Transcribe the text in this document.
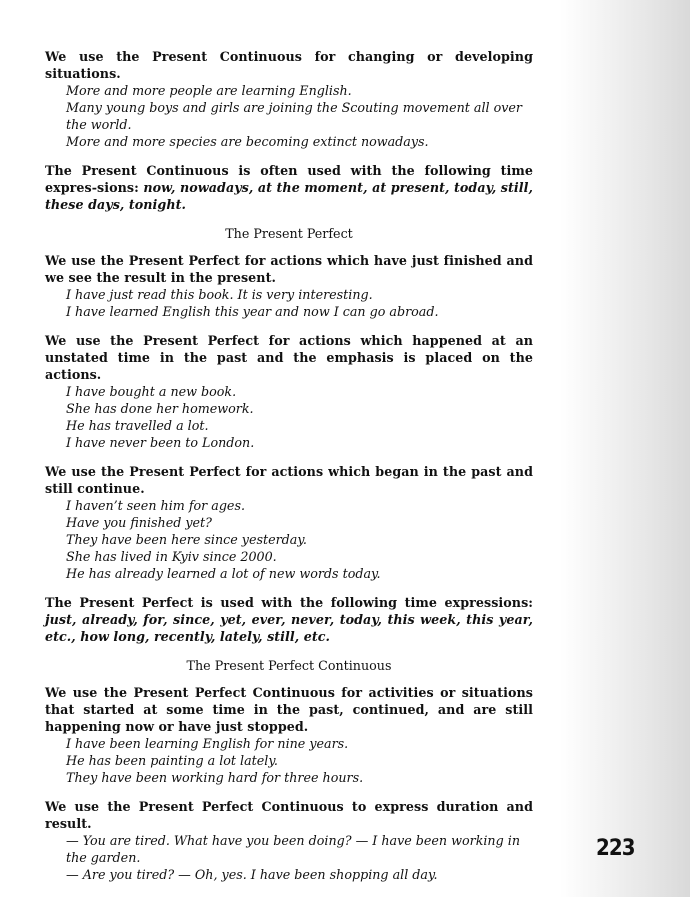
We use the Present Continuous for changing or developing situations.
More and more people are learning English.
Many young boys and girls are joining the Scouting movement all over the world.
More and more species are becoming extinct nowadays.
The Present Continuous is often used with the following time expres-sions: now, nowadays, at the moment, at present, today, still, these days, tonight.
The Present Perfect
We use the Present Perfect for actions which have just finished and we see the result in the present.
I have just read this book. It is very interesting.
I have learned English this year and now I can go abroad.
We use the Present Perfect for actions which happened at an unstated time in the past and the emphasis is placed on the actions.
I have bought a new book.
She has done her homework.
He has travelled a lot.
I have never been to London.
We use the Present Perfect for actions which began in the past and still continue.
I haven’t seen him for ages.
Have you finished yet?
They have been here since yesterday.
She has lived in Kyiv since 2000.
He has already learned a lot of new words today.
The Present Perfect is used with the following time expressions: just, already, for, since, yet, ever, never, today, this week, this year, etc., how long, recently, lately, still, etc.
The Present Perfect Continuous
We use the Present Perfect Continuous for activities or situations that started at some time in the past, continued, and are still happening now or have just stopped.
I have been learning English for nine years.
He has been painting a lot lately.
They have been working hard for three hours.
We use the Present Perfect Continuous to express duration and result.
— You are tired. What have you been doing? — I have been working in the garden.
— Are you tired? — Oh, yes. I have been shopping all day.
223
